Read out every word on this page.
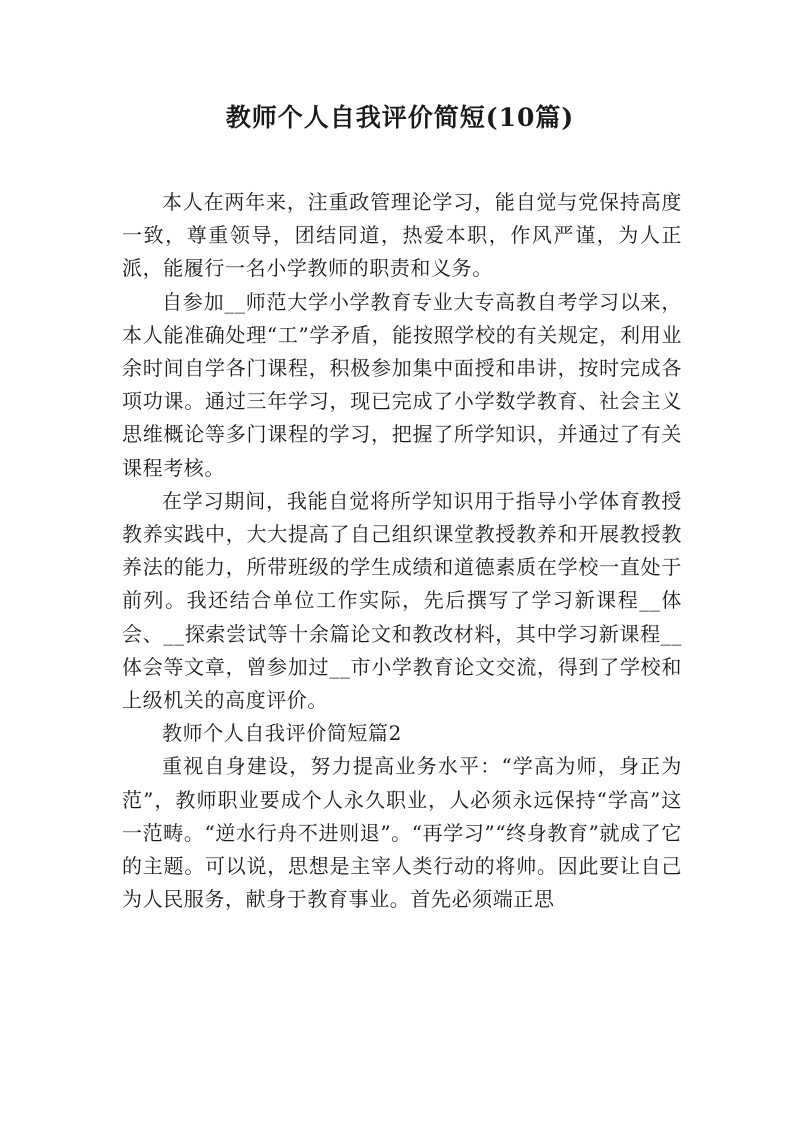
教师个人自我评价简短(10篇)

本人在两年来，注重政管理论学习，能自觉与党保持高度一致，尊重领导，团结同道，热爱本职，作风严谨，为人正派，能履行一名小学教师的职责和义务。

自参加__师范大学小学教育专业大专高教自考学习以来，本人能准确处理“工”学矛盾，能按照学校的有关规定，利用业余时间自学各门课程，积极参加集中面授和串讲，按时完成各项功课。通过三年学习，现已完成了小学数学教育、社会主义思维概论等多门课程的学习，把握了所学知识，并通过了有关课程考核。

在学习期间，我能自觉将所学知识用于指导小学体育教授教养实践中，大大提高了自己组织课堂教授教养和开展教授教养法的能力，所带班级的学生成绩和道德素质在学校一直处于前列。我还结合单位工作实际，先后撰写了学习新课程__体会、__探索尝试等十余篇论文和教改材料，其中学习新课程__体会等文章，曾参加过__市小学教育论文交流，得到了学校和上级机关的高度评价。

教师个人自我评价简短篇2

重视自身建设，努力提高业务水平：“学高为师，身正为范”，教师职业要成个人永久职业，人必须永远保持“学高”这一范畴。“逆水行舟不进则退”。“再学习”“终身教育”就成了它的主题。可以说，思想是主宰人类行动的将帅。因此要让自己为人民服务，献身于教育事业。首先必须端正思
